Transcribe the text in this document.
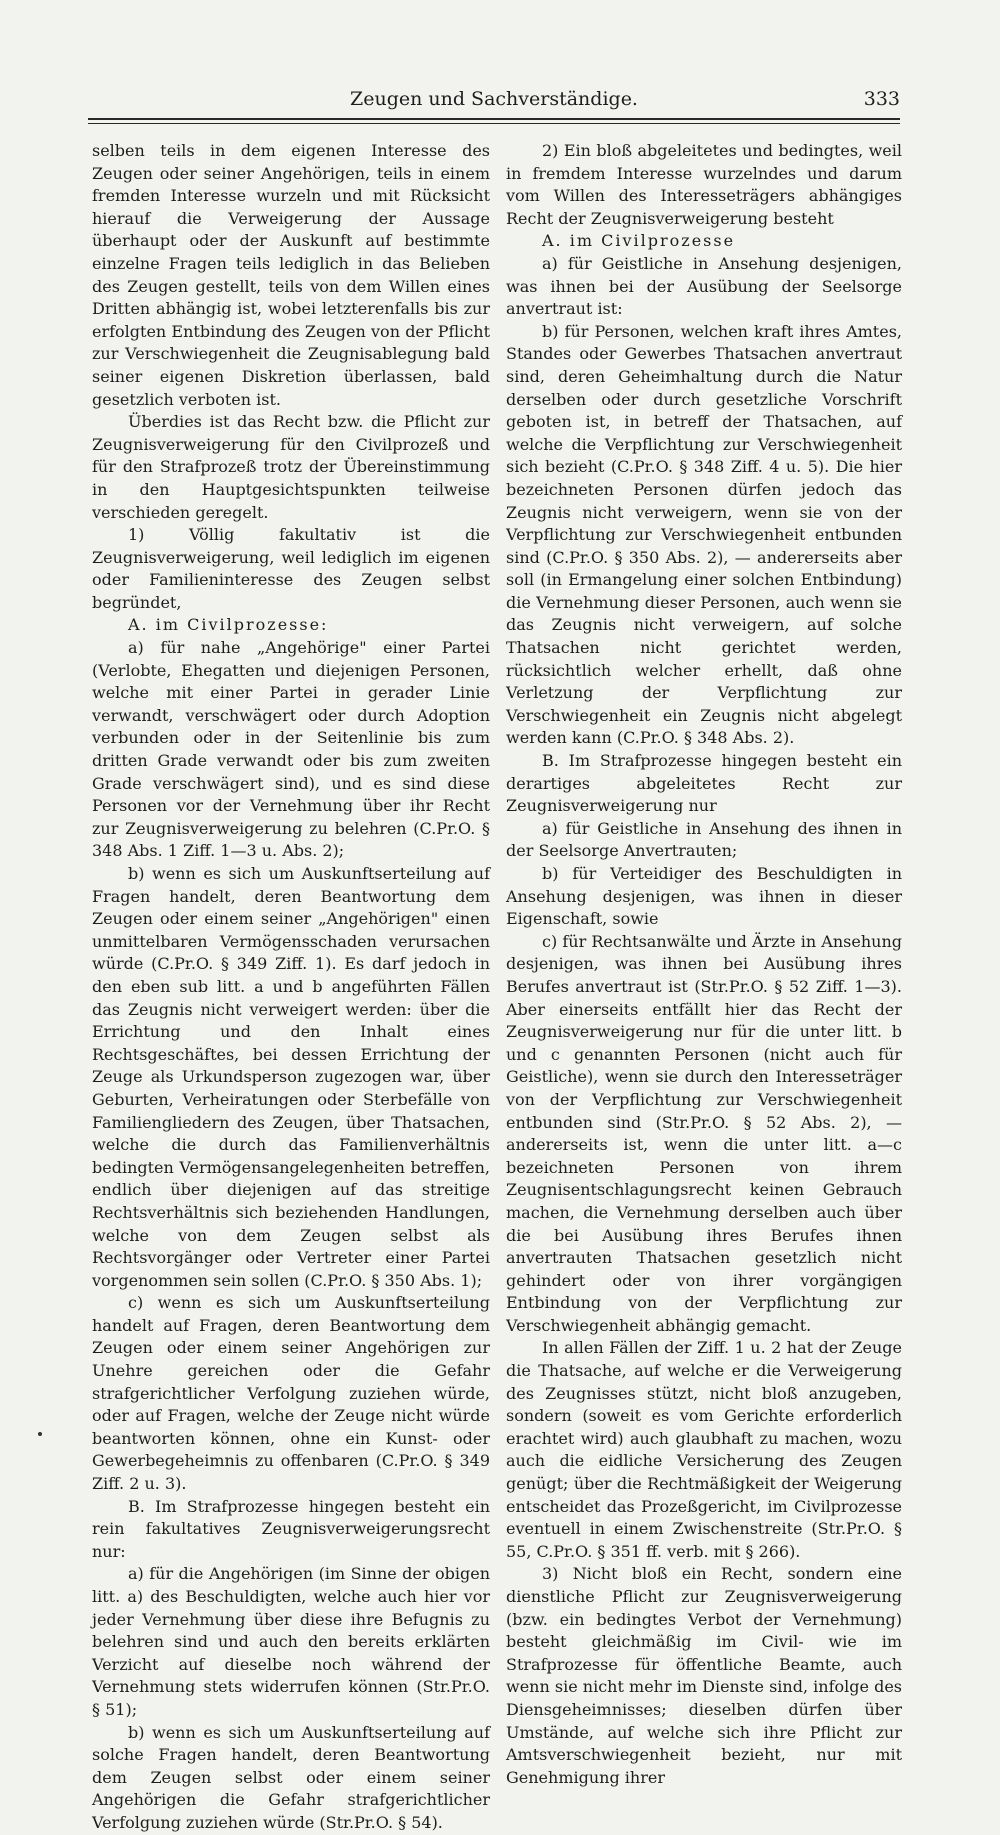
Zeugen und Sachverständige.	333

selben teils in dem eigenen Interesse des Zeugen oder seiner Angehörigen, teils in einem fremden Interesse wurzeln und mit Rücksicht hierauf die Verweigerung der Aussage überhaupt oder der Auskunft auf bestimmte einzelne Fragen teils lediglich in das Belieben des Zeugen gestellt, teils von dem Willen eines Dritten abhängig ist, wobei letzterenfalls bis zur erfolgten Entbindung des Zeugen von der Pflicht zur Verschwiegenheit die Zeugnisablegung bald seiner eigenen Diskretion überlassen, bald gesetzlich verboten ist.

Überdies ist das Recht bzw. die Pflicht zur Zeugnisverweigerung für den Civilprozeß und für den Strafprozeß trotz der Übereinstimmung in den Hauptgesichtspunkten teilweise verschieden geregelt.

1) Völlig fakultativ ist die Zeugnisverweigerung, weil lediglich im eigenen oder Familieninteresse des Zeugen selbst begründet,

A. im Civilprozesse:

a) für nahe „Angehörige" einer Partei (Verlobte, Ehegatten und diejenigen Personen, welche mit einer Partei in gerader Linie verwandt, verschwägert oder durch Adoption verbunden oder in der Seitenlinie bis zum dritten Grade verwandt oder bis zum zweiten Grade verschwägert sind), und es sind diese Personen vor der Vernehmung über ihr Recht zur Zeugnisverweigerung zu belehren (C.Pr.O. § 348 Abs. 1 Ziff. 1—3 u. Abs. 2);

b) wenn es sich um Auskunftserteilung auf Fragen handelt, deren Beantwortung dem Zeugen oder einem seiner „Angehörigen" einen unmittelbaren Vermögensschaden verursachen würde (C.Pr.O. § 349 Ziff. 1). Es darf jedoch in den eben sub litt. a und b angeführten Fällen das Zeugnis nicht verweigert werden: über die Errichtung und den Inhalt eines Rechtsgeschäftes, bei dessen Errichtung der Zeuge als Urkundsperson zugezogen war, über Geburten, Verheiratungen oder Sterbefälle von Familiengliedern des Zeugen, über Thatsachen, welche die durch das Familienverhältnis bedingten Vermögensangelegenheiten betreffen, endlich über diejenigen auf das streitige Rechtsverhältnis sich beziehenden Handlungen, welche von dem Zeugen selbst als Rechtsvorgänger oder Vertreter einer Partei vorgenommen sein sollen (C.Pr.O. § 350 Abs. 1);

c) wenn es sich um Auskunftserteilung handelt auf Fragen, deren Beantwortung dem Zeugen oder einem seiner Angehörigen zur Unehre gereichen oder die Gefahr strafgerichtlicher Verfolgung zuziehen würde, oder auf Fragen, welche der Zeuge nicht würde beantworten können, ohne ein Kunst- oder Gewerbegeheimnis zu offenbaren (C.Pr.O. § 349 Ziff. 2 u. 3).

B. Im Strafprozesse hingegen besteht ein rein fakultatives Zeugnisverweigerungsrecht nur:

a) für die Angehörigen (im Sinne der obigen litt. a) des Beschuldigten, welche auch hier vor jeder Vernehmung über diese ihre Befugnis zu belehren sind und auch den bereits erklärten Verzicht auf dieselbe noch während der Vernehmung stets widerrufen können (Str.Pr.O. § 51);

b) wenn es sich um Auskunftserteilung auf solche Fragen handelt, deren Beantwortung dem Zeugen selbst oder einem seiner Angehörigen die Gefahr strafgerichtlicher Verfolgung zuziehen würde (Str.Pr.O. § 54).

2) Ein bloß abgeleitetes und bedingtes, weil in fremdem Interesse wurzelndes und darum vom Willen des Interesseträgers abhängiges Recht der Zeugnisverweigerung besteht

A. im Civilprozesse

a) für Geistliche in Ansehung desjenigen, was ihnen bei der Ausübung der Seelsorge anvertraut ist:

b) für Personen, welchen kraft ihres Amtes, Standes oder Gewerbes Thatsachen anvertraut sind, deren Geheimhaltung durch die Natur derselben oder durch gesetzliche Vorschrift geboten ist, in betreff der Thatsachen, auf welche die Verpflichtung zur Verschwiegenheit sich bezieht (C.Pr.O. § 348 Ziff. 4 u. 5). Die hier bezeichneten Personen dürfen jedoch das Zeugnis nicht verweigern, wenn sie von der Verpflichtung zur Verschwiegenheit entbunden sind (C.Pr.O. § 350 Abs. 2), — andererseits aber soll (in Ermangelung einer solchen Entbindung) die Vernehmung dieser Personen, auch wenn sie das Zeugnis nicht verweigern, auf solche Thatsachen nicht gerichtet werden, rücksichtlich welcher erhellt, daß ohne Verletzung der Verpflichtung zur Verschwiegenheit ein Zeugnis nicht abgelegt werden kann (C.Pr.O. § 348 Abs. 2).

B. Im Strafprozesse hingegen besteht ein derartiges abgeleitetes Recht zur Zeugnisverweigerung nur

a) für Geistliche in Ansehung des ihnen in der Seelsorge Anvertrauten;

b) für Verteidiger des Beschuldigten in Ansehung desjenigen, was ihnen in dieser Eigenschaft, sowie

c) für Rechtsanwälte und Ärzte in Ansehung desjenigen, was ihnen bei Ausübung ihres Berufes anvertraut ist (Str.Pr.O. § 52 Ziff. 1—3). Aber einerseits entfällt hier das Recht der Zeugnisverweigerung nur für die unter litt. b und c genannten Personen (nicht auch für Geistliche), wenn sie durch den Interesseträger von der Verpflichtung zur Verschwiegenheit entbunden sind (Str.Pr.O. § 52 Abs. 2), — andererseits ist, wenn die unter litt. a—c bezeichneten Personen von ihrem Zeugnisentschlagungsrecht keinen Gebrauch machen, die Vernehmung derselben auch über die bei Ausübung ihres Berufes ihnen anvertrauten Thatsachen gesetzlich nicht gehindert oder von ihrer vorgängigen Entbindung von der Verpflichtung zur Verschwiegenheit abhängig gemacht.

In allen Fällen der Ziff. 1 u. 2 hat der Zeuge die Thatsache, auf welche er die Verweigerung des Zeugnisses stützt, nicht bloß anzugeben, sondern (soweit es vom Gerichte erforderlich erachtet wird) auch glaubhaft zu machen, wozu auch die eidliche Versicherung des Zeugen genügt; über die Rechtmäßigkeit der Weigerung entscheidet das Prozeßgericht, im Civilprozesse eventuell in einem Zwischenstreite (Str.Pr.O. § 55, C.Pr.O. § 351 ff. verb. mit § 266).

3) Nicht bloß ein Recht, sondern eine dienstliche Pflicht zur Zeugnisverweigerung (bzw. ein bedingtes Verbot der Vernehmung) besteht gleichmäßig im Civil- wie im Strafprozesse für öffentliche Beamte, auch wenn sie nicht mehr im Dienste sind, infolge des Diensgeheimnisses; dieselben dürfen über Umstände, auf welche sich ihre Pflicht zur Amtsverschwiegenheit bezieht, nur mit Genehmigung ihrer
